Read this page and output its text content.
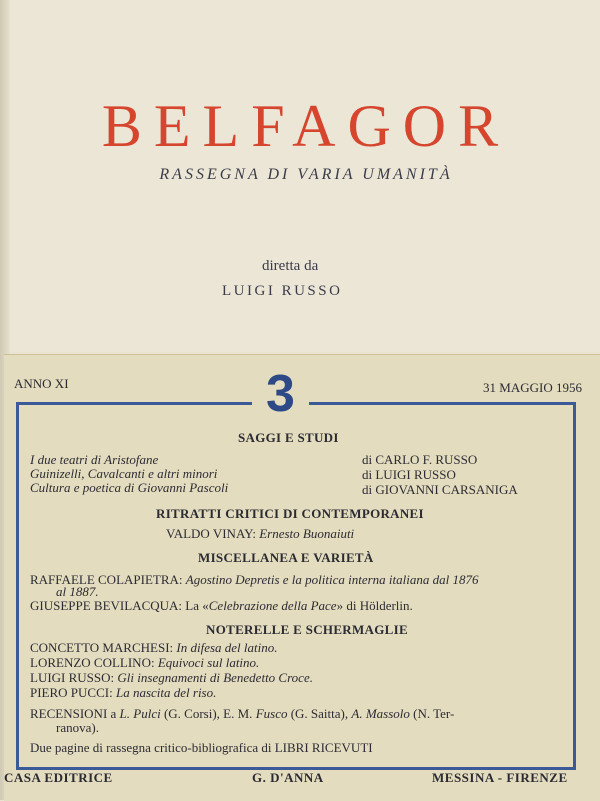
BELFAGOR
RASSEGNA DI VARIA UMANITÀ
diretta da
LUIGI RUSSO
ANNO XI	31 MAGGIO 1956
3
SAGGI E STUDI
I due teatri di Aristofane	di CARLO F. RUSSO
Guinizelli, Cavalcanti e altri minori	di LUIGI RUSSO
Cultura e poetica di Giovanni Pascoli	di GIOVANNI CARSANIGA
RITRATTI CRITICI DI CONTEMPORANEI
VALDO VINAY: Ernesto Buonaiuti
MISCELLANEA E VARIETÀ
RAFFAELE COLAPIETRA: Agostino Depretis e la politica interna italiana dal 1876
al 1887.
GIUSEPPE BEVILACQUA: La «Celebrazione della Pace» di Hölderlin.
NOTERELLE E SCHERMAGLIE
CONCETTO MARCHESI: In difesa del latino.
LORENZO COLLINO: Equivoci sul latino.
LUIGI RUSSO: Gli insegnamenti di Benedetto Croce.
PIERO PUCCI: La nascita del riso.
RECENSIONI a L. Pulci (G. Corsi), E. M. Fusco (G. Saitta), A. Massolo (N. Ter-
ranova).
Due pagine di rassegna critico-bibliografica di LIBRI RICEVUTI
CASA EDITRICE	G. D'ANNA	MESSINA - FIRENZE
